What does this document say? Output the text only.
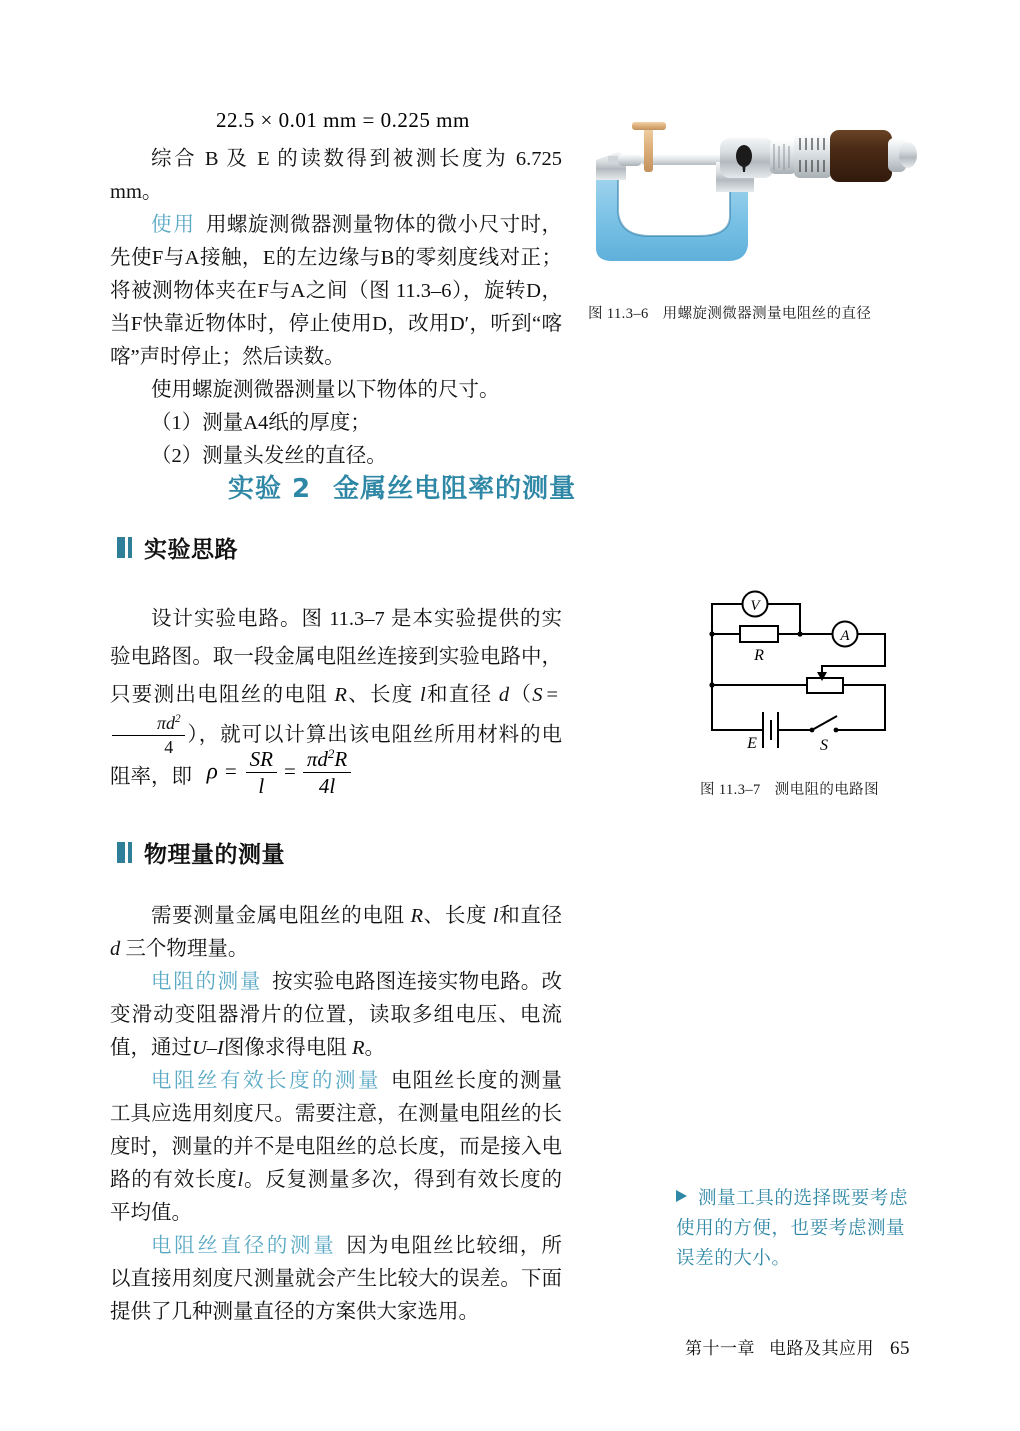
22.5 × 0.01 mm = 0.225 mm

综合 B 及 E 的读数得到被测长度为 6.725 mm。

使用 用螺旋测微器测量物体的微小尺寸时，先使F与A接触，E的左边缘与B的零刻度线对正；将被测物体夹在F与A之间（图 11.3–6），旋转D，当F快靠近物体时，停止使用D，改用D′，听到“喀喀”声时停止；然后读数。

使用螺旋测微器测量以下物体的尺寸。

（1）测量A4纸的厚度；

（2）测量头发丝的直径。

图 11.3–6 用螺旋测微器测量电阻丝的直径
实验 2 金属丝电阻率的测量
实验思路

设计实验电路。图 11.3–7 是本实验提供的实验电路图。取一段金属电阻丝连接到实验电路中，只要测出电阻丝的电阻 R、长度 l和直径 d（S =
$\frac{\pi d^2}{4}$ ），就可以计算出该电阻丝所用材料的电阻率，即 $\rho = \frac{SR}{l} = \frac{\pi d^2R}{4l}$
V
R
A
E	S
图 11.3–7 测电阻的电路图
物理量的测量

需要测量金属电阻丝的电阻 R、长度 l和直径 d 三个物理量。

电阻的测量 按实验电路图连接实物电路。改变滑动变阻器滑片的位置，读取多组电压、电流值，通过U–I图像求得电阻 R。

电阻丝有效长度的测量 电阻丝长度的测量工具应选用刻度尺。需要注意，在测量电阻丝的长度时，测量的并不是电阻丝的总长度，而是接入电路的有效长度l。反复测量多次，得到有效长度的平均值。

电阻丝直径的测量 因为电阻丝比较细，所以直接用刻度尺测量就会产生比较大的误差。下面提供了几种测量直径的方案供大家选用。

测量工具的选择既要考虑使用的方便，也要考虑测量误差的大小。
第十一章 电路及其应用 65
